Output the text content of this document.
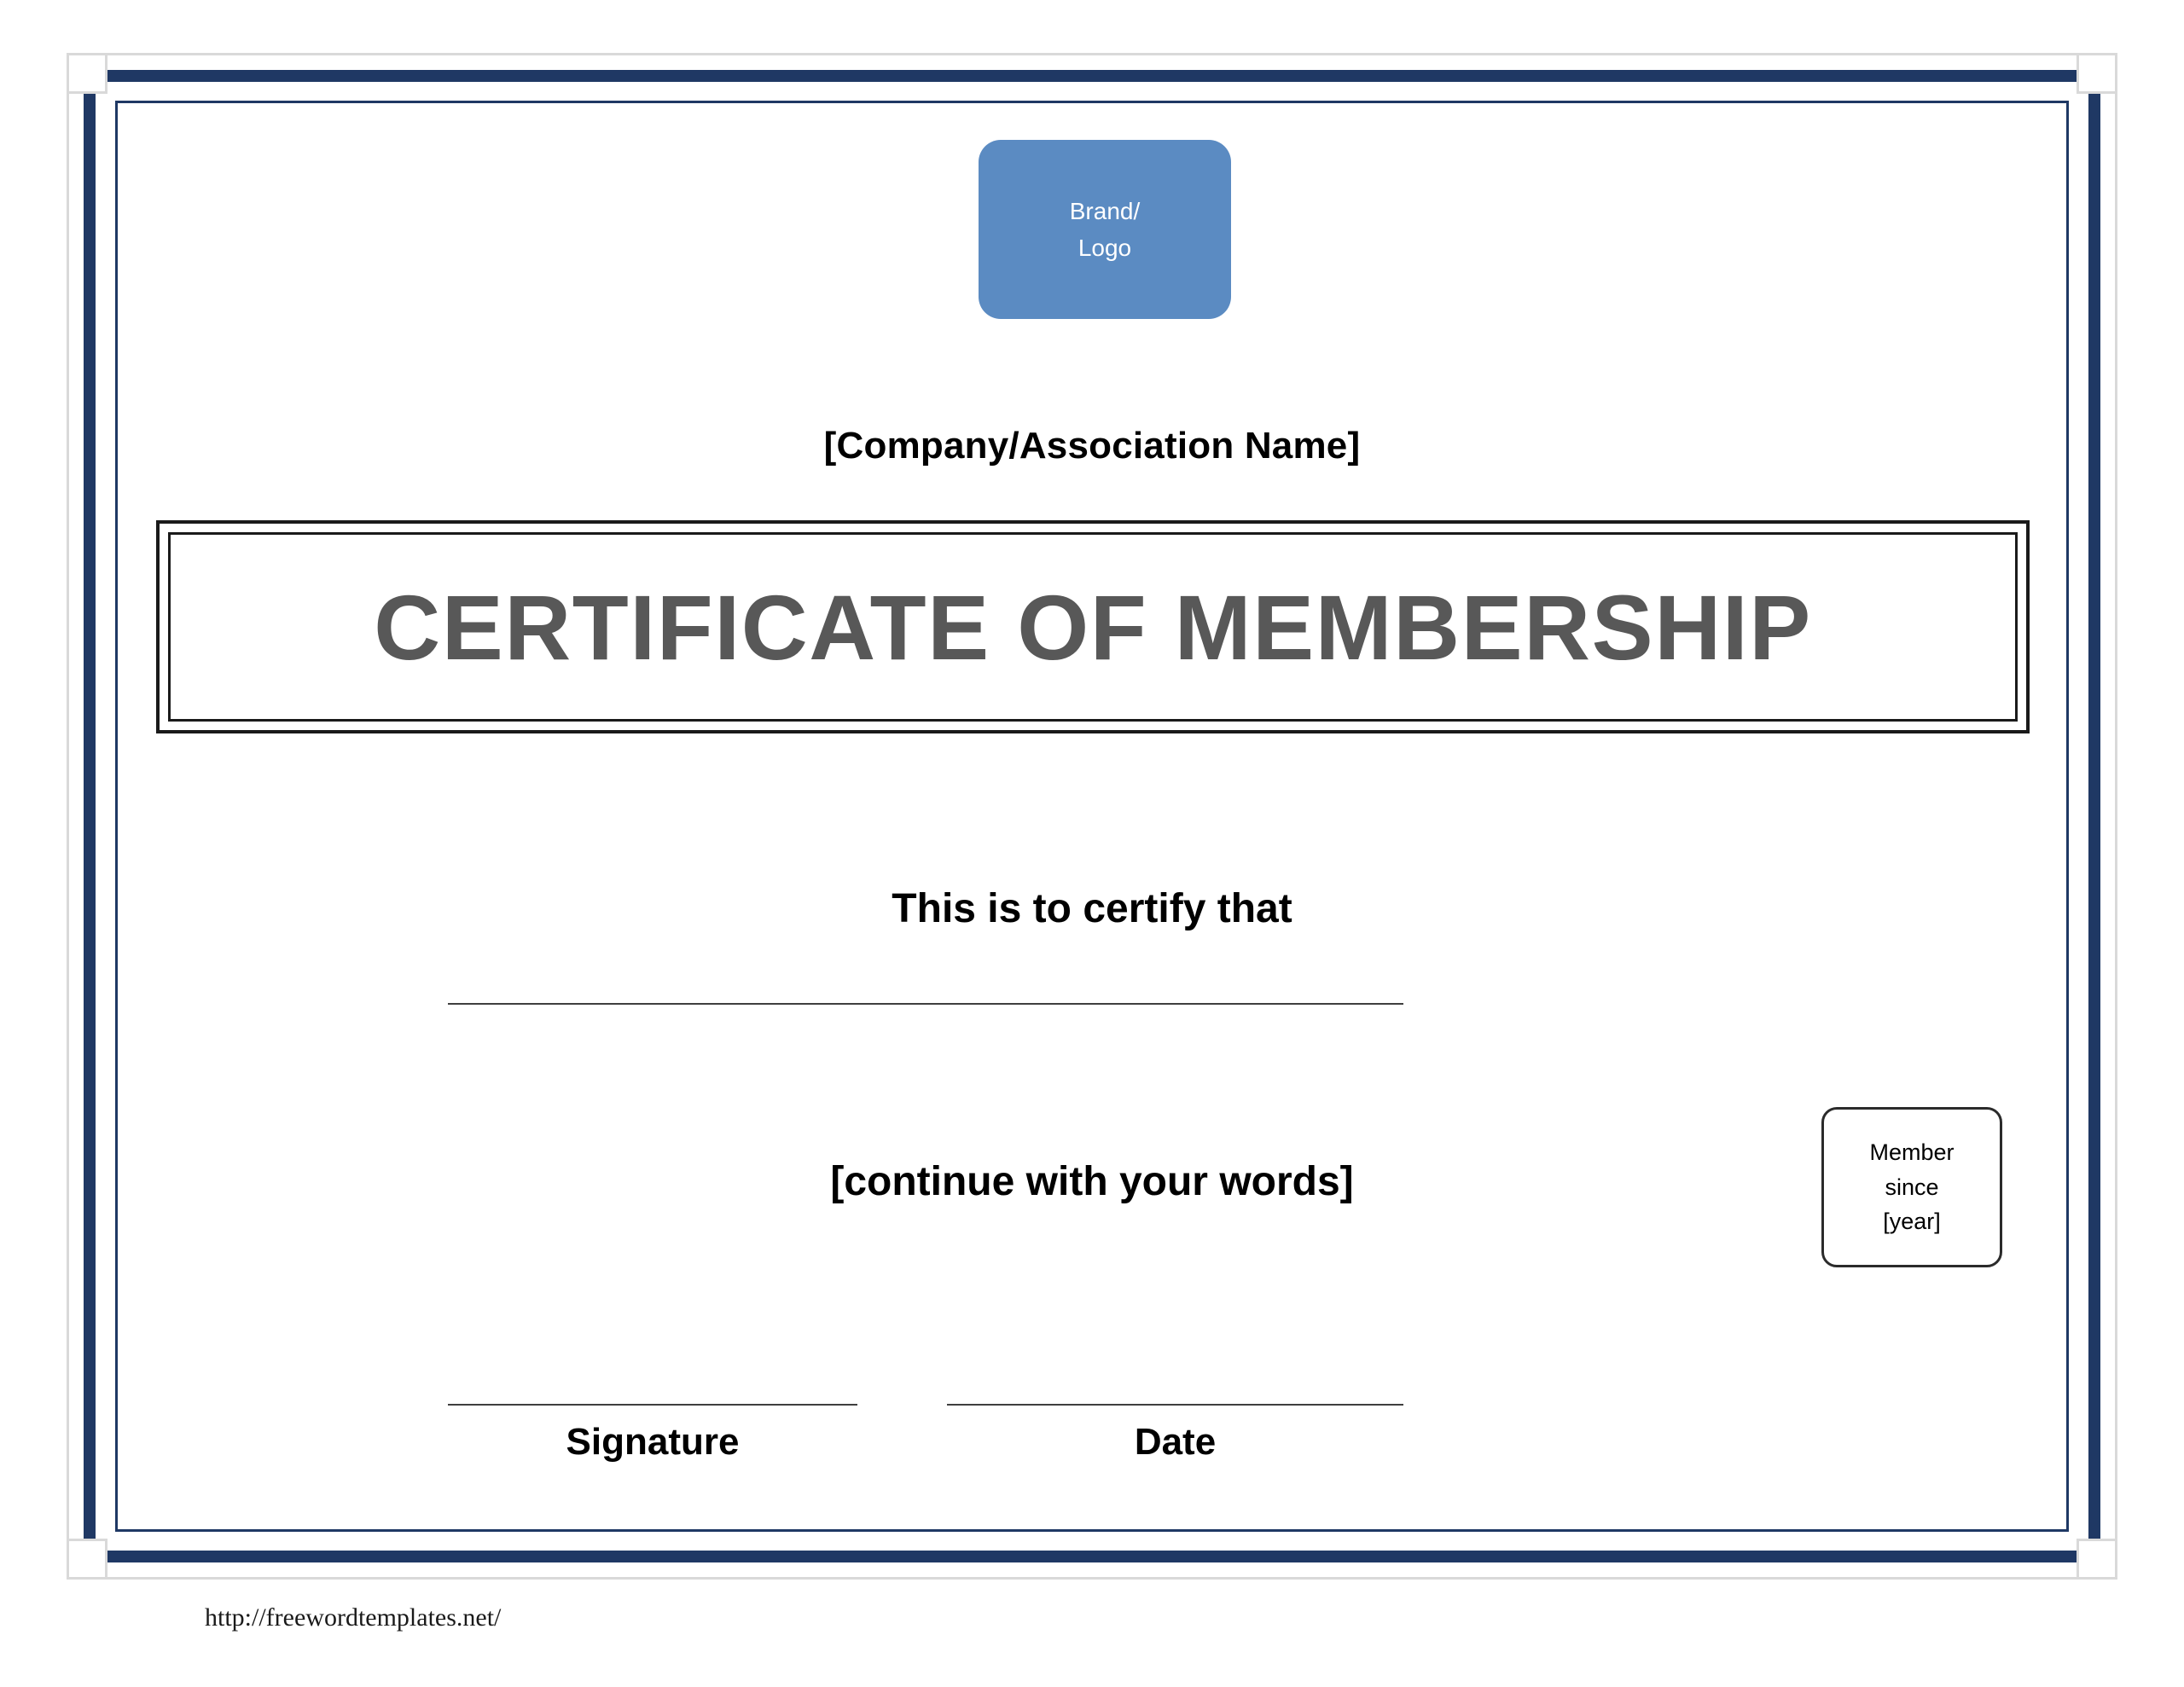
Brand/
Logo
[Company/Association Name]
CERTIFICATE OF MEMBERSHIP
This is to certify that
[continue with your words]
Member
since
[year]
Signature	Date
http://freewordtemplates.net/
